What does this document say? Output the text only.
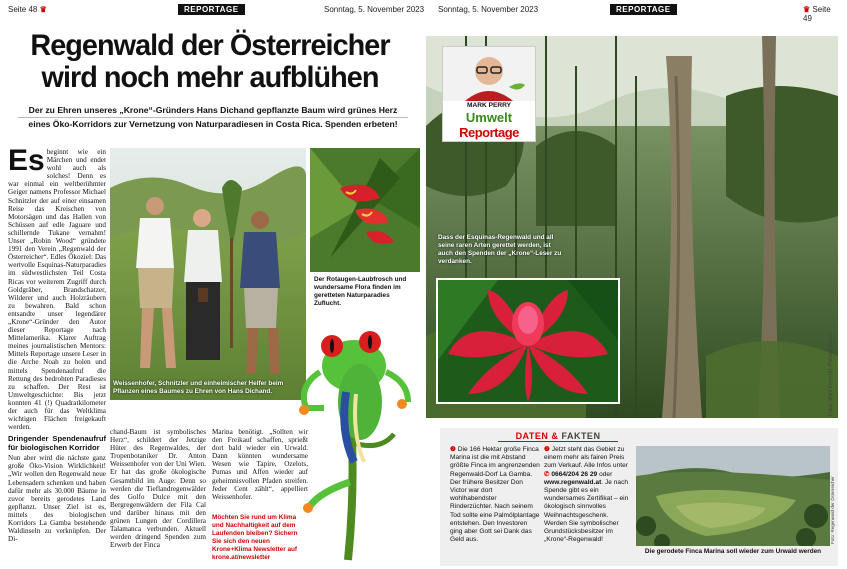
Seite 48 ♛	REPORTAGE	Sonntag, 5. November 2023 Sonntag, 5. November 2023	REPORTAGE	♛ Seite 49
Regenwald der Österreicher
wird noch mehr aufblühen
Der zu Ehren unseres „Krone“-Gründers Hans Dichand gepflanzte Baum wird grünes Herz
eines Öko-Korridors zur Vernetzung von Naturparadiesen in Costa Rica. Spenden erbeten!
Es beginnt wie ein Märchen und endet wohl auch als solches! Denn es war einmal ein weltberühmter Geiger namens Professor Michael Schnitzler der auf einer einsamen Reise das Kreischen von Motorsägen und das Hallen von Schüssen auf edle Jaguare und schillernde Tukane vernahm! Unser „Robin Wood“ gründete 1991 den Verein „Regenwald der Österreicher“. Edles Ökoziel: Das wertvolle Esquinas-Naturparadies im südwestlichsten Teil Costa Ricas vor weiterem Zugriff durch Goldgräber, Brandschatzer, Wilderer und auch Holzräubern zu bewahren. Bald schon entsandte unser legendärer „Krone“-Gründer den Autor dieser Reportage nach Mittelamerika. Klarer Auftrag meines journalistischen Mentors: Mittels Reportage unsere Leser in die Arche Noah zu holen und mittels Spendenaufruf die Rettung des bedrohten Paradieses zu schaffen. Der Rest ist Umweltgeschichte: Bis jetzt konnten 41 (!) Quadratkilometer der auch für das Weltklima wichtigen Flächen freigekauft werden.
Dringender Spendenaufruf für biologischen Korridor
Nun aber wird die nächste ganz große Öko-Vision Wirklichkeit! „Wir wollen den Regenwald neue Lebensadern schenken und haben dafür mehr als 30.000 Bäume in zuvor bereits gerodetes Land gepflanzt. Unser Ziel ist es, mittels des biologischen Korridors La Gamba bestehende Waldinseln zu verknüpfen. Der Di-
Weissenhofer, Schnitzler und einheimischer Helfer beim Pflanzen eines Baumes zu Ehren von Hans Dichand.
Der Rotaugen-Laubfrosch und wundersame Flora finden im geretteten Naturparadies Zuflucht.
chand-Baum ist symbolisches Herz“, schildert der Jetzige Hüter des Regenwaldes, der Tropenbotaniker Dr. Anton Weissenhofer von der Uni Wien. Er hat das große ökologische Gesamtbild im Auge: Denn so werden die Tieflandregenwälder des Golfo Dulce mit den Bergregenwäldern der Fila Cal und darüber hinaus mit den grünen Lungen der Cordillera Talamanca verbunden. Aktuell werden dringend Spenden zum Erwerb der Finca
Marina benötigt. „Sollten wir den Freikauf schaffen, sprießt dort bald wieder ein Urwald. Dann könnten wundersame Wesen wie Tapire, Ozelots, Pumas und Affen wieder auf geheimnisvollen Pfaden streifen. Jeder Cent zählt“, appelliert Weissenhofer.
Möchten Sie rund um Klima und Nachhaltigkeit auf dem Laufenden bleiben? Sichern Sie sich den neuen Krone+Klima Newsletter auf krone.at/newsletter
MARK PERRY
Umwelt
Reportage
Dass der Esquinas-Regenwald und all seine raren Arten gerettet werden, ist auch den Spenden der „Krone“-Leser zu verdanken.
Fotos: Mark Perry (3), Richard Kamm
DATEN & FAKTEN
❷ Die 166 Hektar große Finca Marina ist die mit Abstand größte Finca im angrenzenden Regenwald-Dorf La Gamba. Der frühere Besitzer Don Victor war dort wohlhabendster Rinderzüchter. Nach seinem Tod sollte eine Palmölplantage entstehen. Den Investoren ging aber Gott sei Dank das Geld aus.
❷ Jetzt steht das Gebiet zu einem mehr als fairen Preis zum Verkauf. Alle Infos unter ✆ 0664/204 26 29 oder www.regenwald.at. Je nach Spende gibt es ein wundersames Zertifikat – ein ökologisch sinnvolles Weihnachtsgeschenk. Werden Sie symbolischer Grundstücksbesitzer im „Krone“-Regenwald!	Foto: Regenwald der Österreicher
Die gerodete Finca Marina soll wieder zum Urwald werden
